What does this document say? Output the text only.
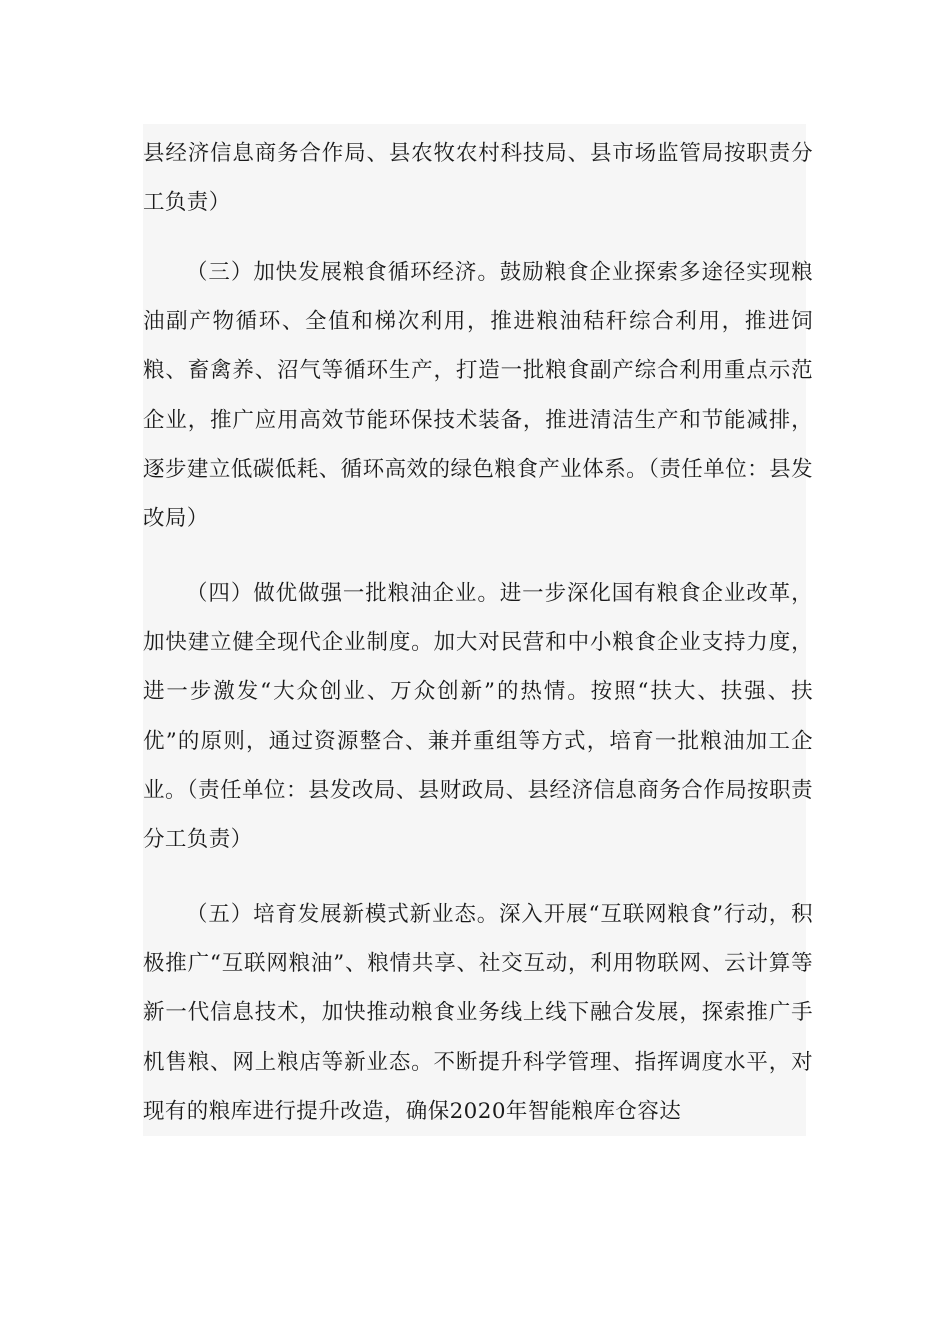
县经济信息商务合作局、县农牧农村科技局、县市场监管局按职责分工负责）

（三）加快发展粮食循环经济。鼓励粮食企业探索多途径实现粮油副产物循环、全值和梯次利用，推进粮油秸秆综合利用，推进饲粮、畜禽养、沼气等循环生产，打造一批粮食副产综合利用重点示范企业，推广应用高效节能环保技术装备，推进清洁生产和节能减排，逐步建立低碳低耗、循环高效的绿色粮食产业体系。（责任单位：县发改局）

（四）做优做强一批粮油企业。进一步深化国有粮食企业改革，加快建立健全现代企业制度。加大对民营和中小粮食企业支持力度，进一步激发“大众创业、万众创新”的热情。按照“扶大、扶强、扶优”的原则，通过资源整合、兼并重组等方式，培育一批粮油加工企业。（责任单位：县发改局、县财政局、县经济信息商务合作局按职责分工负责）

（五）培育发展新模式新业态。深入开展“互联网粮食”行动，积极推广“互联网粮油”、粮情共享、社交互动，利用物联网、云计算等新一代信息技术，加快推动粮食业务线上线下融合发展，探索推广手机售粮、网上粮店等新业态。不断提升科学管理、指挥调度水平，对现有的粮库进行提升改造，确保2020年智能粮库仓容达
